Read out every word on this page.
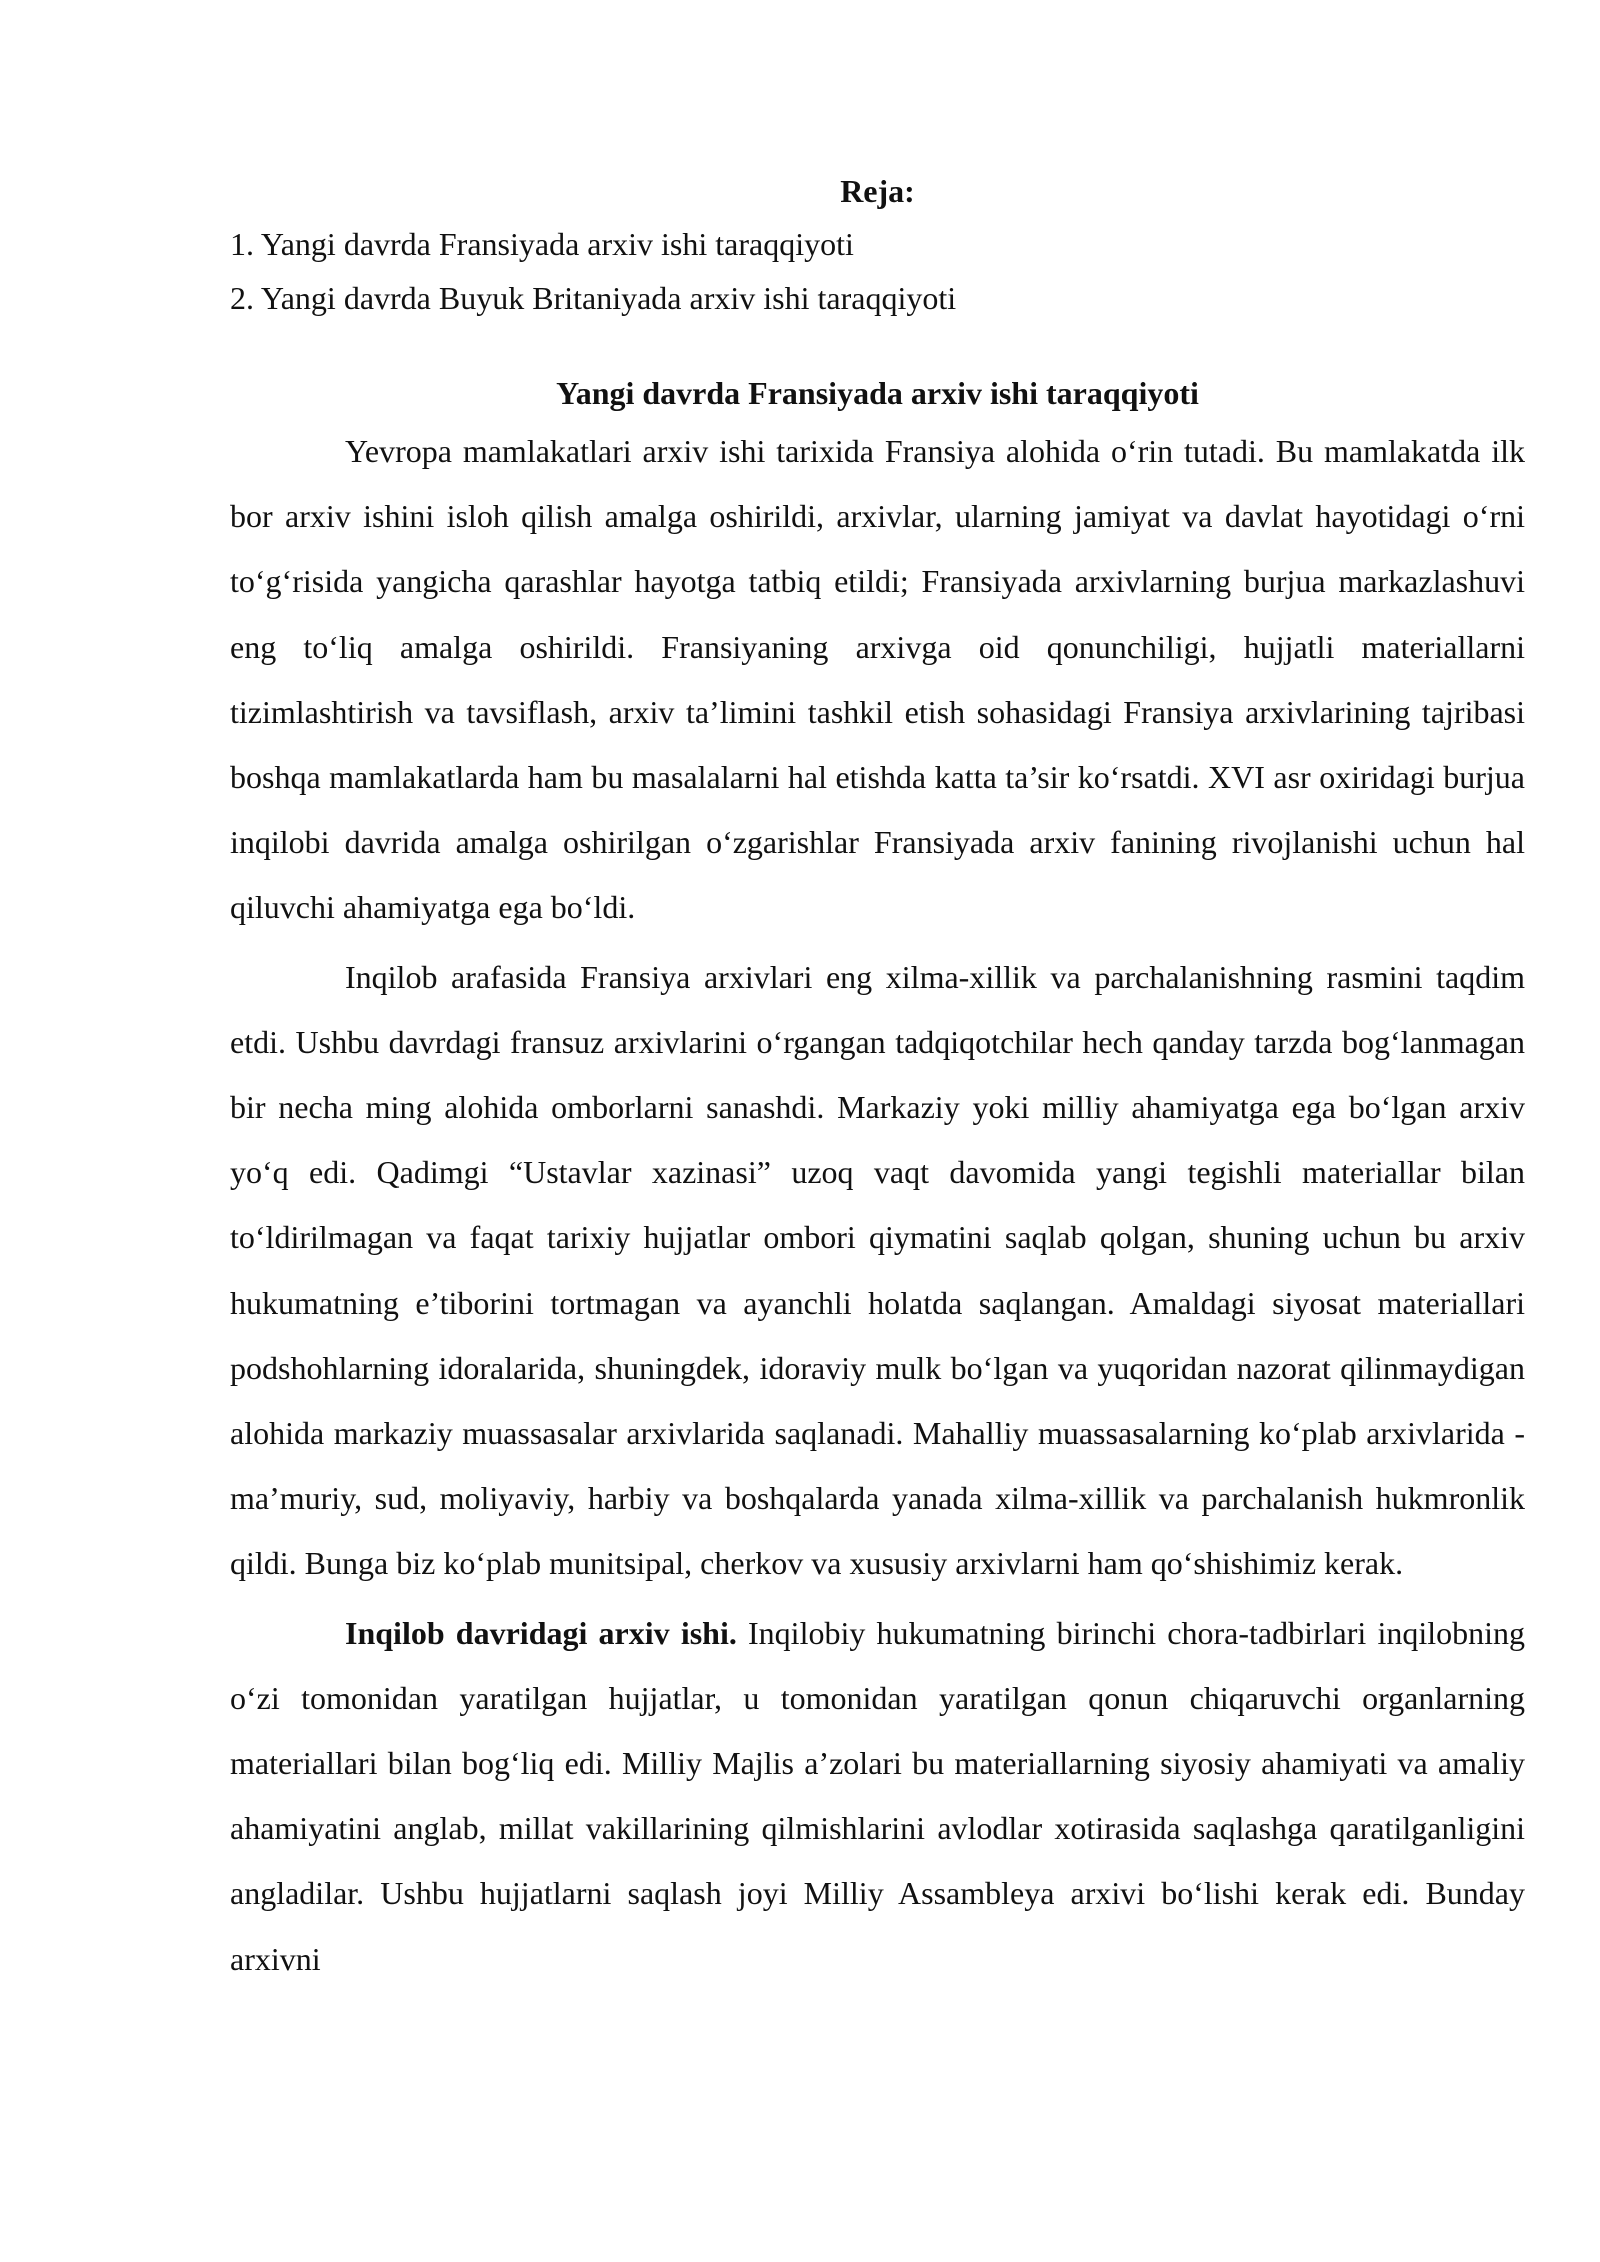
Reja:
1. Yangi davrda Fransiyada arxiv ishi taraqqiyoti
2. Yangi davrda Buyuk Britaniyada arxiv ishi taraqqiyoti
Yangi davrda Fransiyada arxiv ishi taraqqiyoti

Yevropa mamlakatlari arxiv ishi tarixida Fransiya alohida o‘rin tutadi. Bu mamlakatda ilk bor arxiv ishini isloh qilish amalga oshirildi, arxivlar, ularning jamiyat va davlat hayotidagi o‘rni to‘g‘risida yangicha qarashlar hayotga tatbiq etildi; Fransiyada arxivlarning burjua markazlashuvi eng to‘liq amalga oshirildi. Fransiyaning arxivga oid qonunchiligi, hujjatli materiallarni tizimlashtirish va tavsiflash, arxiv ta’limini tashkil etish sohasidagi Fransiya arxivlarining tajribasi boshqa mamlakatlarda ham bu masalalarni hal etishda katta ta’sir ko‘rsatdi. XVI asr oxiridagi burjua inqilobi davrida amalga oshirilgan o‘zgarishlar Fransiyada arxiv fanining rivojlanishi uchun hal qiluvchi ahamiyatga ega bo‘ldi.

Inqilob arafasida Fransiya arxivlari eng xilma-xillik va parchalanishning rasmini taqdim etdi. Ushbu davrdagi fransuz arxivlarini o‘rgangan tadqiqotchilar hech qanday tarzda bog‘lanmagan bir necha ming alohida omborlarni sanashdi. Markaziy yoki milliy ahamiyatga ega bo‘lgan arxiv yo‘q edi. Qadimgi “Ustavlar xazinasi” uzoq vaqt davomida yangi tegishli materiallar bilan to‘ldirilmagan va faqat tarixiy hujjatlar ombori qiymatini saqlab qolgan, shuning uchun bu arxiv hukumatning e’tiborini tortmagan va ayanchli holatda saqlangan. Amaldagi siyosat materiallari podshohlarning idoralarida, shuningdek, idoraviy mulk bo‘lgan va yuqoridan nazorat qilinmaydigan alohida markaziy muassasalar arxivlarida saqlanadi. Mahalliy muassasalarning ko‘plab arxivlarida - ma’muriy, sud, moliyaviy, harbiy va boshqalarda yanada xilma-xillik va parchalanish hukmronlik qildi. Bunga biz ko‘plab munitsipal, cherkov va xususiy arxivlarni ham qo‘shishimiz kerak.

Inqilob davridagi arxiv ishi. Inqilobiy hukumatning birinchi chora-tadbirlari inqilobning o‘zi tomonidan yaratilgan hujjatlar, u tomonidan yaratilgan qonun chiqaruvchi organlarning materiallari bilan bog‘liq edi. Milliy Majlis a’zolari bu materiallarning siyosiy ahamiyati va amaliy ahamiyatini anglab, millat vakillarining qilmishlarini avlodlar xotirasida saqlashga qaratilganligini angladilar. Ushbu hujjatlarni saqlash joyi Milliy Assambleya arxivi bo‘lishi kerak edi. Bunday arxivni
